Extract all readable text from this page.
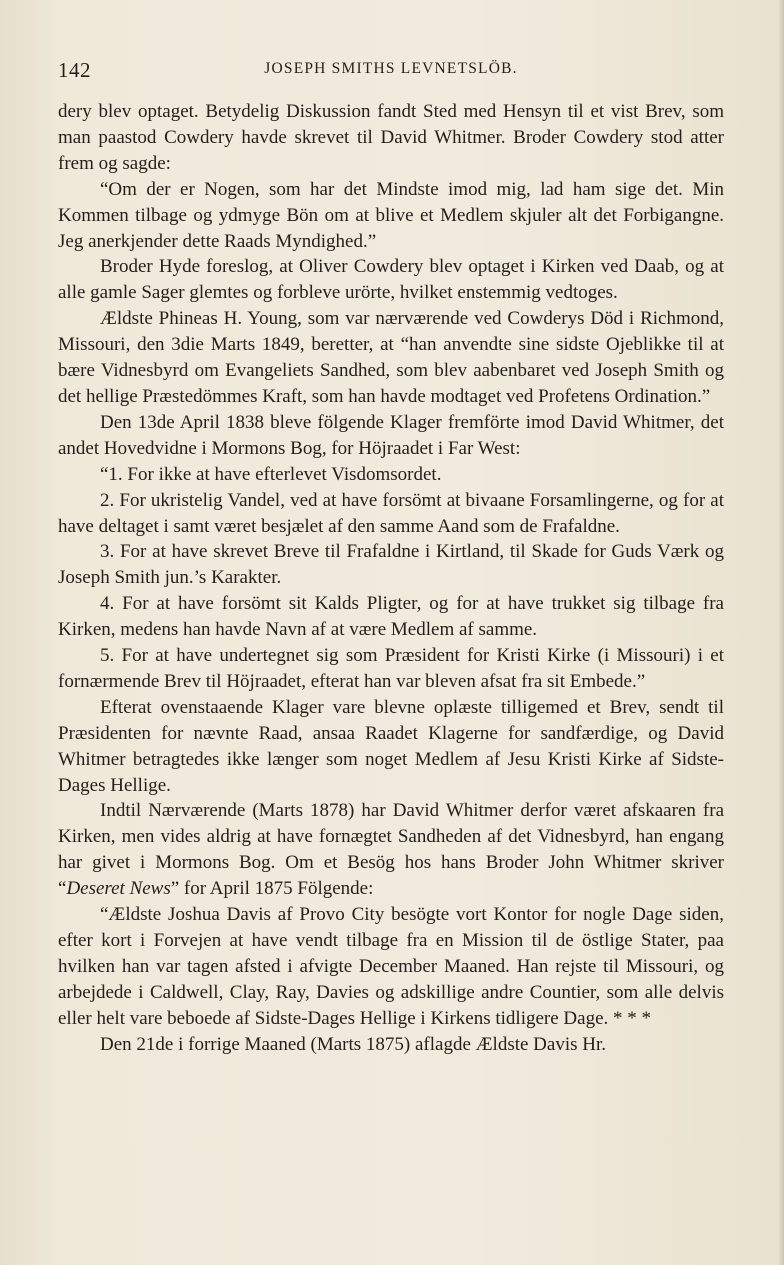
142	JOSEPH SMITHS LEVNETSLÖB.

dery blev optaget. Betydelig Diskussion fandt Sted med Hensyn til et vist Brev, som man paastod Cowdery havde skrevet til David Whitmer. Broder Cowdery stod atter frem og sagde:

“Om der er Nogen, som har det Mindste imod mig, lad ham sige det. Min Kommen tilbage og ydmyge Bön om at blive et Medlem skjuler alt det Forbigangne. Jeg anerkjender dette Raads Myndighed.”

Broder Hyde foreslog, at Oliver Cowdery blev optaget i Kirken ved Daab, og at alle gamle Sager glemtes og forbleve urörte, hvilket enstemmig vedtoges.

Ældste Phineas H. Young, som var nærværende ved Cowderys Död i Richmond, Missouri, den 3die Marts 1849, beretter, at “han anvendte sine sidste Ojeblikke til at bære Vidnesbyrd om Evangeliets Sandhed, som blev aabenbaret ved Joseph Smith og det hellige Præstedömmes Kraft, som han havde modtaget ved Profetens Ordination.”

Den 13de April 1838 bleve fölgende Klager fremförte imod David Whitmer, det andet Hovedvidne i Mormons Bog, for Höjraadet i Far West:

“1. For ikke at have efterlevet Visdomsordet.

2. For ukristelig Vandel, ved at have forsömt at bivaane Forsamlingerne, og for at have deltaget i samt været besjælet af den samme Aand som de Frafaldne.

3. For at have skrevet Breve til Frafaldne i Kirtland, til Skade for Guds Værk og Joseph Smith jun.’s Karakter.

4. For at have forsömt sit Kalds Pligter, og for at have trukket sig tilbage fra Kirken, medens han havde Navn af at være Medlem af samme.

5. For at have undertegnet sig som Præsident for Kristi Kirke (i Missouri) i et fornærmende Brev til Höjraadet, efterat han var bleven afsat fra sit Embede.”

Efterat ovenstaaende Klager vare blevne oplæste tilligemed et Brev, sendt til Præsidenten for nævnte Raad, ansaa Raadet Klagerne for sandfærdige, og David Whitmer betragtedes ikke længer som noget Medlem af Jesu Kristi Kirke af Sidste-Dages Hellige.

Indtil Nærværende (Marts 1878) har David Whitmer derfor været afskaaren fra Kirken, men vides aldrig at have fornægtet Sandheden af det Vidnesbyrd, han engang har givet i Mormons Bog. Om et Besög hos hans Broder John Whitmer skriver “Deseret News” for April 1875 Fölgende:

“Ældste Joshua Davis af Provo City besögte vort Kontor for nogle Dage siden, efter kort i Forvejen at have vendt tilbage fra en Mission til de östlige Stater, paa hvilken han var tagen afsted i afvigte December Maaned. Han rejste til Missouri, og arbejdede i Caldwell, Clay, Ray, Davies og adskillige andre Countier, som alle delvis eller helt vare beboede af Sidste-Dages Hellige i Kirkens tidligere Dage. * * *

Den 21de i forrige Maaned (Marts 1875) aflagde Ældste Davis Hr.
